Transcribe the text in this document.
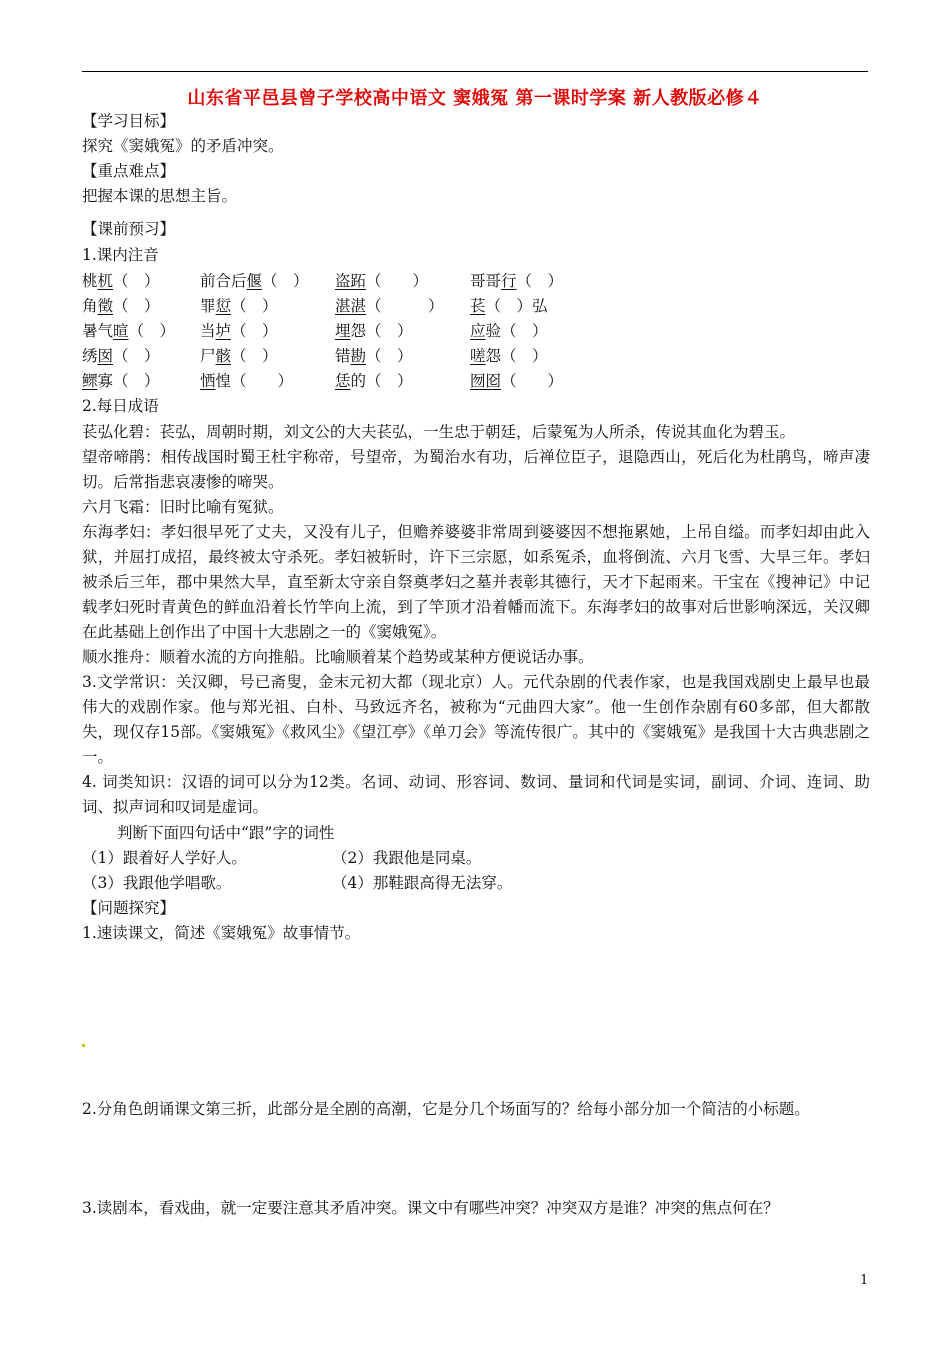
山东省平邑县曾子学校高中语文 窦娥冤 第一课时学案 新人教版必修４
【学习目标】
探究《窦娥冤》的矛盾冲突。
【重点难点】
把握本课的思想主旨。
【课前预习】
1.课内注音
桃杌（　）	前合后偃（　） 盗跖（　　）	哥哥行（　）
角徵（　）	罪愆（　）	湛湛（　　　） 苌（　）弘
暑气暄（　） 当垆（　）	埋怨（　）	应验（　）
绣囡（　）	尸骸（　）	错勘（　）	嗟怨（　）
鳏寡（　）	恓惶（　　）	恁的（　）	囫囵（　　）
2.每日成语
苌弘化碧：苌弘，周朝时期，刘文公的大夫苌弘，一生忠于朝廷，后蒙冤为人所杀，传说其血化为碧玉。
望帝啼鹃：相传战国时蜀王杜宇称帝，号望帝，为蜀治水有功，后禅位臣子，退隐西山，死后化为杜鹃鸟，啼声凄切。后常指悲哀凄惨的啼哭。
六月飞霜：旧时比喻有冤狱。
东海孝妇：孝妇很早死了丈夫，又没有儿子，但赡养婆婆非常周到婆婆因不想拖累她，上吊自缢。而孝妇却由此入狱，并屈打成招，最终被太守杀死。孝妇被斩时，许下三宗愿，如系冤杀，血将倒流、六月飞雪、大旱三年。孝妇被杀后三年，郡中果然大旱，直至新太守亲自祭奠孝妇之墓并表彰其德行，天才下起雨来。干宝在《搜神记》中记载孝妇死时青黄色的鲜血沿着长竹竿向上流，到了竿顶才沿着幡而流下。东海孝妇的故事对后世影响深远，关汉卿在此基础上创作出了中国十大悲剧之一的《窦娥冤》。
顺水推舟：顺着水流的方向推船。比喻顺着某个趋势或某种方便说话办事。
3.文学常识：关汉卿，号已斋叟，金末元初大都（现北京）人。元代杂剧的代表作家，也是我国戏剧史上最早也最伟大的戏剧作家。他与郑光祖、白朴、马致远齐名，被称为“元曲四大家”。他一生创作杂剧有60多部，但大都散失，现仅存15部。《窦娥冤》《救风尘》《望江亭》《单刀会》等流传很广。其中的《窦娥冤》是我国十大古典悲剧之一。
4. 词类知识：汉语的词可以分为12类。名词、动词、形容词、数词、量词和代词是实词，副词、介词、连词、助词、拟声词和叹词是虚词。
判断下面四句话中“跟”字的词性
（1）跟着好人学好人。	（2）我跟他是同桌。
（3）我跟他学唱歌。	（4）那鞋跟高得无法穿。
【问题探究】
1.速读课文，简述《窦娥冤》故事情节。
2.分角色朗诵课文第三折，此部分是全剧的高潮，它是分几个场面写的？给每小部分加一个简洁的小标题。
3.读剧本，看戏曲，就一定要注意其矛盾冲突。课文中有哪些冲突？冲突双方是谁？冲突的焦点何在？
1
